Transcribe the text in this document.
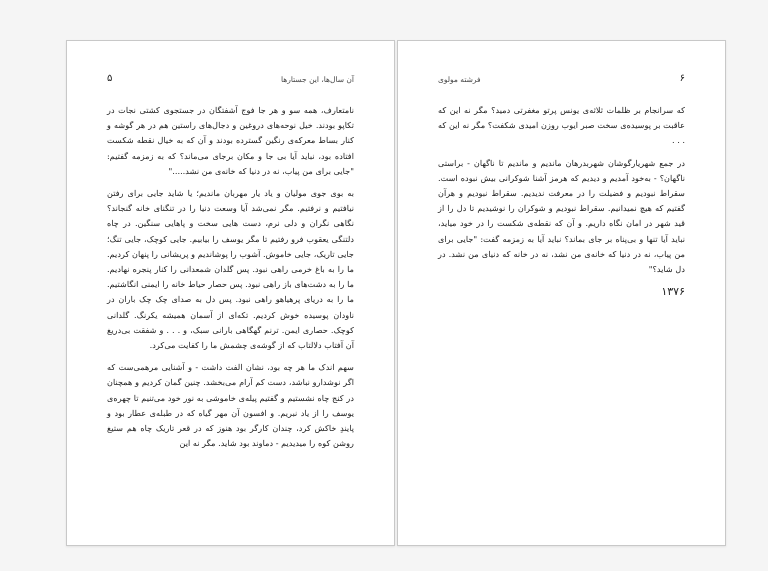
۵	آن سال‌ها، این جستارها

نامتعارف، همه سو و هر جا فوج آشفتگان در جستجوی کشتی نجات در تکاپو بودند. خیل نوحه‌های دروغین و دجال‌های راستین هم در هر گوشه و کنار بساط معرکه‌ی رنگین گسترده بودند و آن که به خیال نقطه شکست افتاده بود، نباید آیا بی جا و مکان برجای می‌ماند؟ که به زمزمه گفتیم: "جایی برای من پیاب، نه در دنیا که خانه‌ی من نشد....."

به بوی جوی مولیان و یاد یار مهربان ماندیم؛ یا شاید جایی برای رفتن نیافتیم و نرفتیم. مگر نمی‌شد آیا وسعت دنیا را در تنگنای خانه گنجاند؟ نگاهی نگران و دلی نرم، دست هایی سخت و پاهایی سنگین. در چاه دلتنگی یعقوب فرو رفتیم تا مگر یوسف را بیابیم. جایی کوچک، جایی تنگ؛ جایی تاریک، جایی خاموش. آشوب را پوشاندیم و پریشانی را پنهان کردیم. ما را به باغ خرمی راهی نبود. پس گلدان شمعدانی را کنار پنجره نهادیم. ما را به دشت‌های باز راهی نبود. پس حصار حیاط خانه را ایمنی انگاشتیم. ما را به دریای پرهیاهو راهی نبود. پس دل به صدای چک چک باران در ناودان پوسیده خوش کردیم. تکه‌ای از آسمان همیشه یکرنگ. گلدانی کوچک. حصاری ایمن. ترنم گهگاهی بارانی سبک، و . . . و شفقت بی‌دریغ آن آفتاب دلالتاب که از گوشه‌ی چشمش ما را کفایت می‌کرد.

سهم اندک ما هر چه بود، نشان الفت داشت - و آشنایی مرهمی‌ست که اگر نوشدارو نباشد، دست کم آرام می‌بخشد. چنین گمان کردیم و همچنان در کنج چاه نشستیم و گفتیم پیله‌ی خاموشی به نور خود می‌تنیم تا چهره‌ی یوسف را از یاد نبریم. و افسون آن مهر گیاه که در طبله‌ی عطار بود و پایندِ خاکش کرد، چندان کارگر بود هنوز که در قعر تاریک چاه هم ستیغ روشن کوه را میدیدیم - دماوند بود شاید. مگر نه این

۶
فرشته مولوی

که سرانجام بر ظلمات ثلاثه‌ی یونس پرتو مغفرتی دمید؟ مگر نه این که عاقبت بر پوسیده‌ی سخت صبر ایوب روزن امیدی شکفت؟ مگر نه این که . . .

در جمع شهریارگوشان شهربدرهان ماندیم و ماندیم تا ناگهان - براستی ناگهان؟ - به‌خود آمدیم و دیدیم که هرمز آشنا شوکرانی بیش نبوده است. سقراط نبودیم و فضیلت را در معرفت ندیدیم. سقراط نبودیم و هرآن گفتیم که هیچ نمیدانیم. سقراط نبودیم و شوکران را نوشیدیم تا دل را از قید شهر در امان نگاه داریم. و آن که نقطه‌ی شکست را در خود میاید، نباید آیا تنها و بی‌پناه بر جای بماند؟ نباید آیا به زمزمه گفت: "جایی برای من پیاب، نه در دنیا که خانه‌ی من نشد، نه در خانه که دنیای من نشد. در دل شاید؟"

۱۳۷۶
